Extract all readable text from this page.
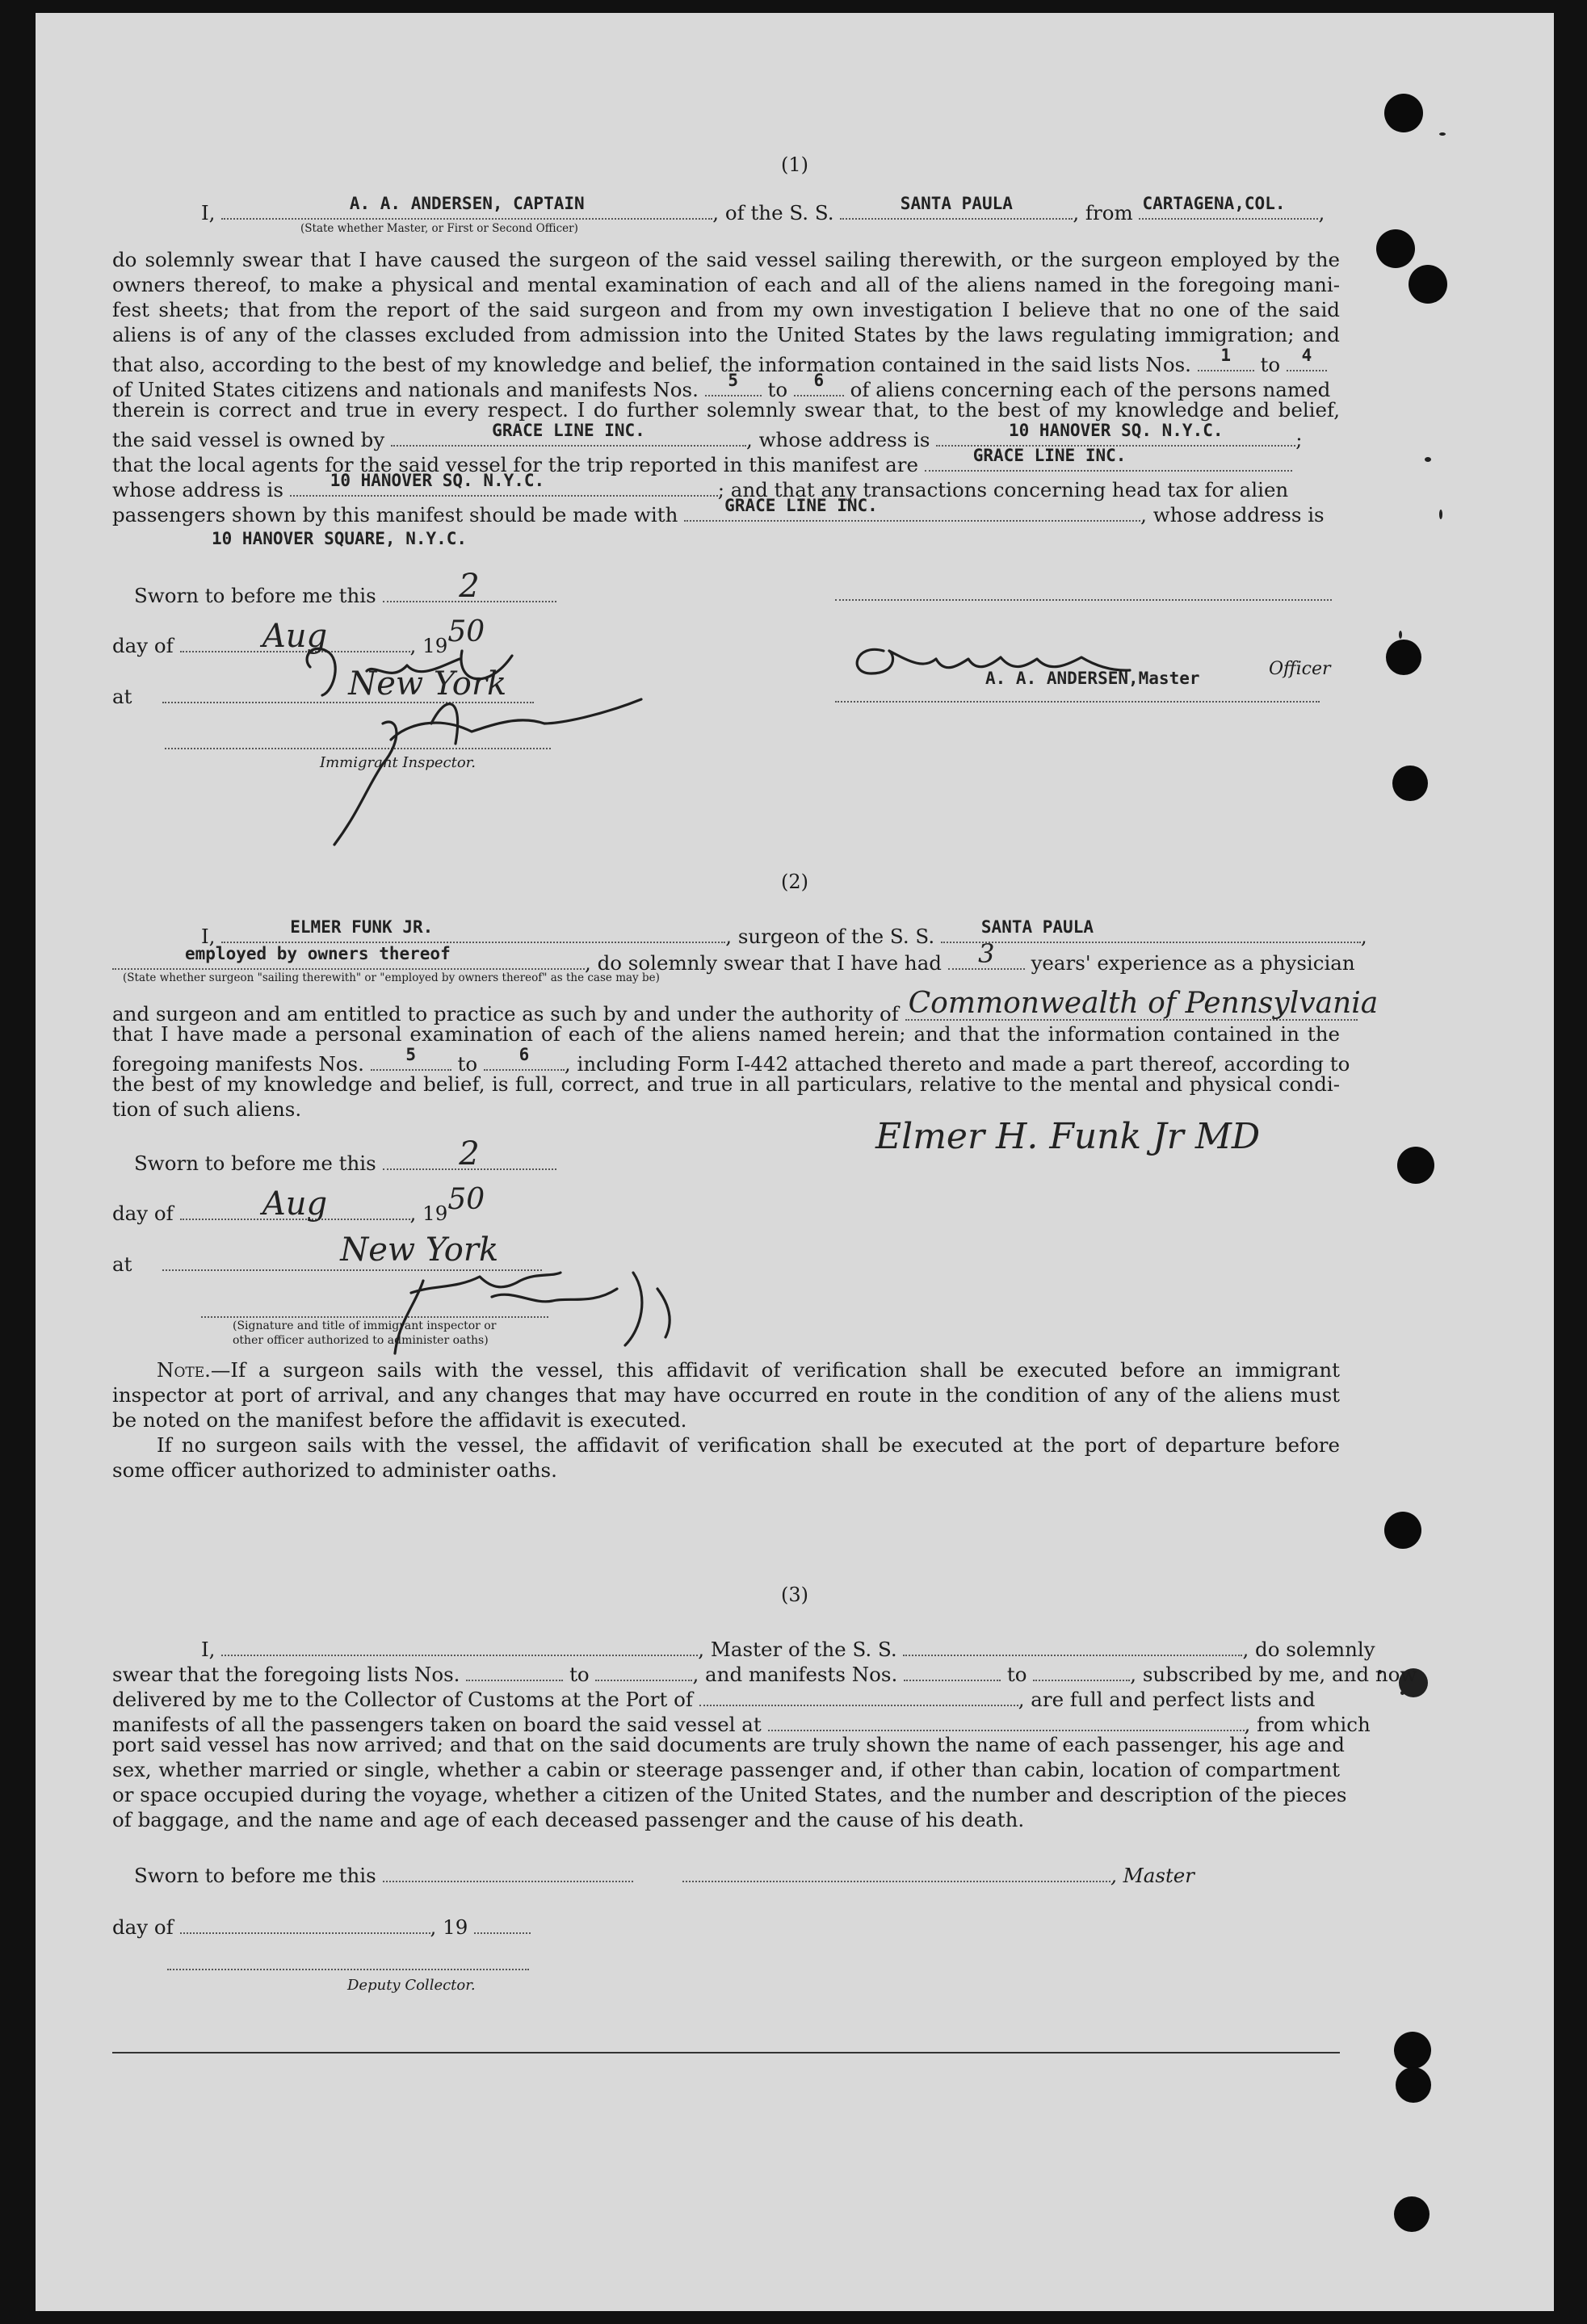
(1)
I,	A. A. ANDERSEN, CAPTAIN	, of the S. S.	SANTA PAULA	, from CARTAGENA,COL. ,
(State whether Master, or First or Second Officer)
do solemnly swear that I have caused the surgeon of the said vessel sailing therewith, or the surgeon employed by the
owners thereof, to make a physical and mental examination of each and all of the aliens named in the foregoing mani-
fest sheets; that from the report of the said surgeon and from my own investigation I believe that no one of the said
aliens is of any of the classes excluded from admission into the United States by the laws regulating immigration; and
that also, according to the best of my knowledge and belief, the information contained in the said lists Nos.	1	to	4
of United States citizens and nationals and manifests Nos.	5	to	6	of aliens concerning each of the persons named
therein is correct and true in every respect. I do further solemnly swear that, to the best of my knowledge and belief,
the said vessel is owned by	GRACE LINE INC.	, whose address is	10 HANOVER SQ. N.Y.C.	;
that the local agents for the said vessel for the trip reported in this manifest are	GRACE LINE INC.
whose address is	10 HANOVER SQ. N.Y.C.	; and that any transactions concerning head tax for alien
passengers shown by this manifest should be made with	GRACE LINE INC.	, whose address is
10 HANOVER SQUARE, N.Y.C.
Sworn to before me this	2
day of	Aug	, 1950
at	New York	A. A. ANDERSEN,Master	Officer
Immigrant Inspector.
(2)
I,	ELMER FUNK JR.	, surgeon of the S. S.	SANTA PAULA	,
employed by owners thereof	, do solemnly swear that I have had	3	years' experience as a physician
(State whether surgeon "sailing therewith" or "employed by owners thereof" as the case may be)
and surgeon and am entitled to practice as such by and under the authority of Commonwealth of Pennsylvania
that I have made a personal examination of each of the aliens named herein; and that the information contained in the
foregoing manifests Nos.	5	to	6	, including Form I-442 attached thereto and made a part thereof, according to
the best of my knowledge and belief, is full, correct, and true in all particulars, relative to the mental and physical condi-
tion of such aliens.
Sworn to before me this	2	Elmer H. Funk Jr MD
day of	Aug	, 1950
at	New York
(Signature and title of immigrant inspector or
other officer authorized to administer oaths)
Note.—If a surgeon sails with the vessel, this affidavit of verification shall be executed before an immigrant
inspector at port of arrival, and any changes that may have occurred en route in the condition of any of the aliens must
be noted on the manifest before the affidavit is executed.
If no surgeon sails with the vessel, the affidavit of verification shall be executed at the port of departure before
some officer authorized to administer oaths.
(3)
I,	, Master of the S. S.	, do solemnly
swear that the foregoing lists Nos.	to	, and manifests Nos.	to	, subscribed by me, and now
delivered by me to the Collector of Customs at the Port of	, are full and perfect lists and
manifests of all the passengers taken on board the said vessel at	, from which
port said vessel has now arrived; and that on the said documents are truly shown the name of each passenger, his age and
sex, whether married or single, whether a cabin or steerage passenger and, if other than cabin, location of compartment
or space occupied during the voyage, whether a citizen of the United States, and the number and description of the pieces
of baggage, and the name and age of each deceased passenger and the cause of his death.
Sworn to before me this	, Master
day of	, 19
Deputy Collector.
